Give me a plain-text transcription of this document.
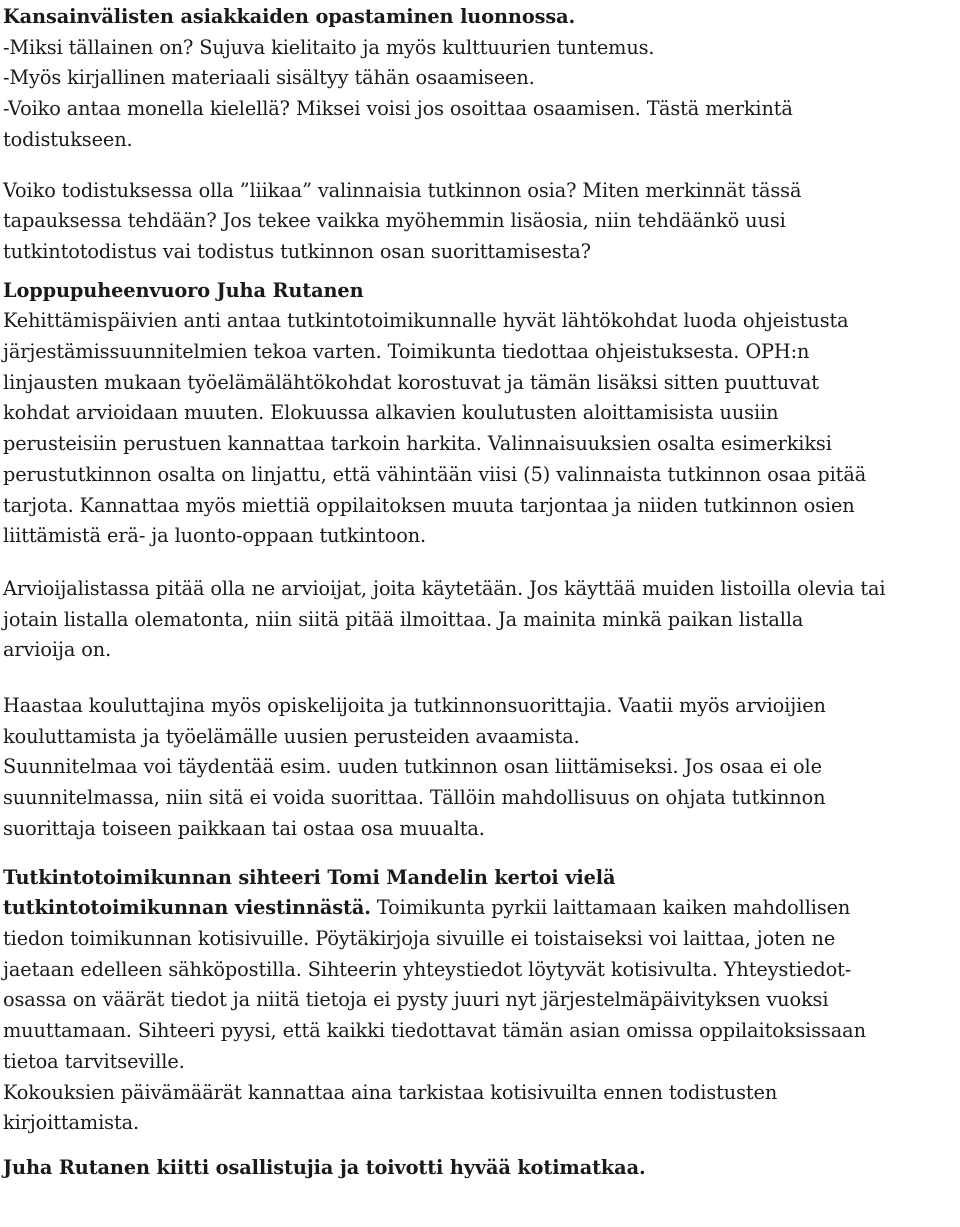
Kansainvälisten asiakkaiden opastaminen luonnossa.
-Miksi tällainen on? Sujuva kielitaito ja myös kulttuurien tuntemus.
-Myös kirjallinen materiaali sisältyy tähän osaamiseen.
-Voiko antaa monella kielellä? Miksei voisi jos osoittaa osaamisen. Tästä merkintä
todistukseen.
Voiko todistuksessa olla ”liikaa” valinnaisia tutkinnon osia? Miten merkinnät tässä
tapauksessa tehdään? Jos tekee vaikka myöhemmin lisäosia, niin tehdäänkö uusi
tutkintotodistus vai todistus tutkinnon osan suorittamisesta?
Loppupuheenvuoro Juha Rutanen
Kehittämispäivien anti antaa tutkintotoimikunnalle hyvät lähtökohdat luoda ohjeistusta
järjestämissuunnitelmien tekoa varten. Toimikunta tiedottaa ohjeistuksesta. OPH:n
linjausten mukaan työelämälähtökohdat korostuvat ja tämän lisäksi sitten puuttuvat
kohdat arvioidaan muuten. Elokuussa alkavien koulutusten aloittamisista uusiin
perusteisiin perustuen kannattaa tarkoin harkita. Valinnaisuuksien osalta esimerkiksi
perustutkinnon osalta on linjattu, että vähintään viisi (5) valinnaista tutkinnon osaa pitää
tarjota. Kannattaa myös miettiä oppilaitoksen muuta tarjontaa ja niiden tutkinnon osien
liittämistä erä- ja luonto-oppaan tutkintoon.
Arvioijalistassa pitää olla ne arvioijat, joita käytetään. Jos käyttää muiden listoilla olevia tai
jotain listalla olematonta, niin siitä pitää ilmoittaa. Ja mainita minkä paikan listalla
arvioija on.
Haastaa kouluttajina myös opiskelijoita ja tutkinnonsuorittajia. Vaatii myös arvioijien
kouluttamista ja työelämälle uusien perusteiden avaamista.
Suunnitelmaa voi täydentää esim. uuden tutkinnon osan liittämiseksi. Jos osaa ei ole
suunnitelmassa, niin sitä ei voida suorittaa. Tällöin mahdollisuus on ohjata tutkinnon
suorittaja toiseen paikkaan tai ostaa osa muualta.
Tutkintotoimikunnan sihteeri Tomi Mandelin kertoi vielä
tutkintotoimikunnan viestinnästä. Toimikunta pyrkii laittamaan kaiken mahdollisen
tiedon toimikunnan kotisivuille. Pöytäkirjoja sivuille ei toistaiseksi voi laittaa, joten ne
jaetaan edelleen sähköpostilla. Sihteerin yhteystiedot löytyvät kotisivulta. Yhteystiedot-
osassa on väärät tiedot ja niitä tietoja ei pysty juuri nyt järjestelmäpäivityksen vuoksi
muuttamaan. Sihteeri pyysi, että kaikki tiedottavat tämän asian omissa oppilaitoksissaan
tietoa tarvitseville.
Kokouksien päivämäärät kannattaa aina tarkistaa kotisivuilta ennen todistusten
kirjoittamista.
Juha Rutanen kiitti osallistujia ja toivotti hyvää kotimatkaa.
